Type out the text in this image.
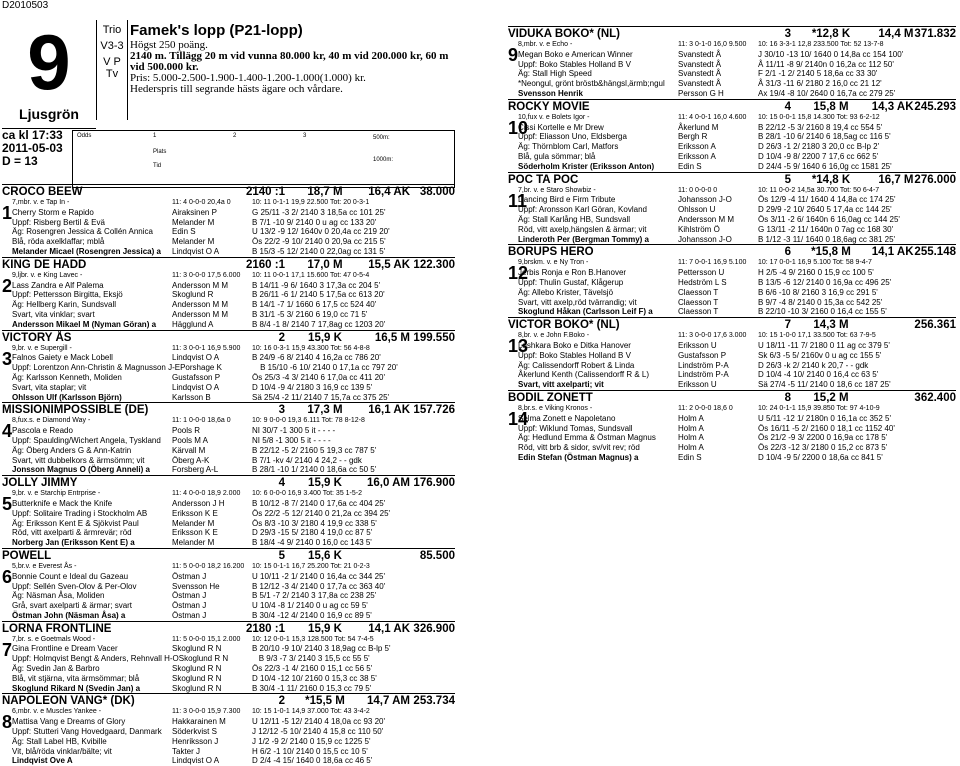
D2010503
9
Ljusgrön
Trio
V3-3
V P Tv
Famek's lopp (P21-lopp)
Högst 250 poäng.
2140 m. Tillägg 20 m vid vunna 80.000 kr, 40 m vid 200.000 kr, 60 m vid 500.000 kr.
Pris: 5.000-2.500-1.900-1.400-1.200-1.000(1.000) kr.
Hederspris till segrande hästs ägare och vårdare.
ca kl 17:33
2011-05-03
D = 13
Odds	1	2	3
Plats
Tid
500m:
1000m:
CROCO BEEW	2140 :1	18,7 M	16,4 AK 38.000
1
7,mbr. v. e Tap In -	11: 4 0-0-0 20,4a 0	10: 11 0-1-1 19,9 22.500 Tot: 20 0-3-1
Cherry Storm e Rapido	Airaksinen P	G 25/11 -3 2/ 2140 3 18,5a cc 101 25'
Uppf: Risberg Bertil & Evä	Melander M	B 7/1 -10 9/ 2140 0 u ag cc 133 20'
Äg: Rosengren Jessica & Collén Annica	Edin S	U 13/2 -9 12/ 1640v 0 20,4a cc 219 20'
Blå, röda axelklaffar; mblå	Melander M	Ös 22/2 -9 10/ 2140 0 20,9a cc 215 5'
Melander Micael (Rosengren Jessica) a	Lindqvist O A	B 15/3 -5 12/ 2140 0 22,0ag cc 131 5'
KING DE HADD	2160 :1	17,0 M	15,5 AK 122.300
2
9,ljbr. v. e King Lavec -	11: 3 0-0-0 17,5 6.000	10: 11 0-0-1 17,1 15.600 Tot: 47 0-5-4
Lass Zandra e Alf Palema	Andersson M M	B 14/11 -9 6/ 1640 3 17,3a cc 204 5'
Uppf: Pettersson Birgitta, Eksjö	Skoglund R	B 26/11 -6 1/ 2140 5 17,5a cc 613 20'
Äg: Hellberg Karin, Sundsvall	Andersson M M	B 14/1 -7 1/ 1660 6 17,5 cc 524 40'
Svart, vita vinklar; svart	Andersson M M	B 31/1 -5 3/ 2160 6 19,0 cc 71 5'
Andersson Mikael M (Nyman Göran) a	Hägglund A	B 8/4 -1 8/ 2140 7 17,8ag cc 1203 20'
VICTORY ÅS	2	15,9 K	16,5 M 199.550
3
9,br. v. e Supergill -	11: 3 0-0-1 16,9 5.900	10: 16 0-3-1 15,9 43.300 Tot: 56 4-8-8
Falnos Gaiety e Mack Lobell	Lindqvist O A	B 24/9 -6 8/ 2140 4 16,2a cc 786 20'
Uppf: Lorentzon Ann-Christin & Magnusson J-E Porshage K	B 15/10 -6 10/ 2140 0 17,1a cc 797 20'
Äg: Karlsson Kenneth, Moliden	Gustafsson P	Ös 25/3 -4 3/ 2140 6 17,0a cc 411 20'
Svart, vita staplar; vit	Lindqvist O A	D 10/4 -9 4/ 2180 3 16,9 cc 139 5'
Ohlsson Ulf (Karlsson Björn)	Karlsson B	Sä 25/4 -2 11/ 2140 7 15,7a cc 375 25'
MISSIONIMPOSSIBLE (DE)	3	17,3 M	16,1 AK 157.726
4
8,fux.s. e Diamond Way -	11: 1 0-0-0 18,6a 0	10: 9 0-0-0 19,3 6.111 Tot: 78 8-12-8
Pascola e Reado	Pools R	NI 30/7 -1 300 5 it - - - -
Uppf: Spaulding/Wichert Angela, Tyskland	Pools M A	NI 5/8 -1 300 5 it - - - -
Äg: Öberg Anders G & Ann-Katrin	Kärvall M	B 22/12 -5 2/ 2160 5 19,3 cc 787 5'
Svart, vitt dubbelkors & ärmsömm; vit	Öberg A-K	B 7/1 -kv 4/ 2140 4 24,2 - - gdk
Jonsson Magnus O (Öberg Anneli) a	Forsberg A-L	B 28/1 -10 1/ 2140 0 18,6a cc 50 5'
JOLLY JIMMY	4	15,9 K	16,0 AM 176.900
5
9,br. v. e Starchip Entrprise -	11: 4 0-0-0 18,9 2.000	10: 6 0-0-0 16,9 3.400 Tot: 35 1-5-2
Butterknife e Mack the Knife	Andersson J H	B 10/12 -8 7/ 2140 0 17,6a cc 404 25'
Uppf: Solitaire Trading i Stockholm AB	Eriksson K E	Ös 22/2 -5 12/ 2140 0 21,2a cc 394 25'
Äg: Eriksson Kent E & Sjökvist Paul	Melander M	Ös 8/3 -10 3/ 2180 4 19,9 cc 338 5'
Röd, vitt axelparti & ärmrevär; röd	Eriksson K E	D 29/3 -15 5/ 2180 4 19,0 cc 87 5'
Norberg Jan (Eriksson Kent E) a	Melander M	B 18/4 -4 9/ 2140 0 16,0 cc 143 5'
POWELL	5	15,6 K	85.500
6
5,br.v. e Everest Ås -	11: 5 0-0-0 18,2 16.200	10: 15 0-1-1 16,7 25.200 Tot: 21 0-2-3
Bonnie Count e Ideal du Gazeau	Östman J	U 10/11 -2 1/ 2140 0 16,4a cc 344 25'
Uppf: Sellén Sven-Olov & Per-Olov	Svensson He	B 12/12 -3 4/ 2140 0 17,7a cc 363 40'
Äg: Näsman Åsa, Moliden	Östman J	B 5/1 -7 2/ 2140 3 17,8a cc 238 25'
Grå, svart axelparti & ärmar; svart	Östman J	U 10/4 -8 1/ 2140 0 u ag cc 59 5'
Östman John (Näsman Åsa) a	Östman J	B 30/4 -12 4/ 2140 0 16,9 cc 89 5'
LORNA FRONTLINE	2180 :1	15,9 K	14,1 AK 326.900
7
7,br. s. e Goetmals Wood -	11: 5 0-0-0 15,1 2.000	10: 12 0-0-1 15,3 128.500 Tot: 54 7-4-5
Gina Frontline e Dream Vacer	Skoglund R N	B 20/10 -9 10/ 2140 3 18,9ag cc B-lp 5'
Uppf: Holmqvist Bengt & Anders, Rehnvall H-O Skoglund R N	B 9/3 -7 3/ 2140 3 15,5 cc 55 5'
Äg: Svedin Jan & Barbro	Skoglund R N	Ös 22/3 -1 4/ 2160 0 15,1 cc 56 5'
Blå, vit stjärna, vita ärmsömmar; blå	Skoglund R N	D 10/4 -12 10/ 2160 0 15,3 cc 38 5'
Skoglund Rikard N (Svedin Jan) a	Skoglund R N	B 30/4 -1 11/ 2160 0 15,3 cc 79 5'
NAPOLEON VANG* (DK)	2	*15,5 M	14,7 AM 253.734
8
6,mbr. v. e Muscles Yankee -	11: 3 0-0-0 15,9 7.300	10: 15 1-0-1 14,9 37.000 Tot: 43 3-4-2
Mattisa Vang e Dreams of Glory	Hakkarainen M	U 12/11 -5 12/ 2140 4 18,0a cc 93 20'
Uppf: Stutteri Vang Hovedgaard, Danmark	Söderkvist S	J 12/12 -5 10/ 2140 4 15,8 cc 110 50'
Äg: Stall Label HB, Kvibille	Henriksson J	J 1/2 -9 2/ 2140 0 15,9 cc 1225 5'
Vit, blå/röda vinklar/bälte; vit	Takter J	H 6/2 -1 10/ 2140 0 15,5 cc 10 5'
Lindqvist Ove A	Lindqvist O A	D 2/4 -4 15/ 1640 0 18,6a cc 46 5'
VIDUKA BOKO* (NL)	3	*12,8 K	14,4 M 371.832
9
8,mbr. v. e Echo -	11: 3 0-1-0 16,0 9.500	10: 16 3-3-1 12,8 233.500 Tot: 52 13-7-8
Megan Boko e American Winner	Svanstedt Å	J 30/10 -13 10/ 1640 0 14,8a cc 154 100'
Uppf: Boko Stables Holland B V	Svanstedt Å	Å 11/11 -8 9/ 2140n 0 16,2a cc 112 50'
Äg: Stall High Speed	Svanstedt Å	F 2/1 -1 2/ 2140 5 18,6a cc 33 30'
*Neongul, grönt bröstb&hängsl,ärmb;ngul	Svanstedt Å	Å 31/3 -11 6/ 2180 2 16,0 cc 21 12'
Svensson Henrik	Persson G H	Ax 19/4 -8 10/ 2640 0 16,7a cc 279 25'
ROCKY MOVIE	4	15,8 M	14,3 AK 245.293
10
10,fux v. e Bolets Igor -	11: 4 0-0-1 16,0 4.600	10: 15 0-0-1 15,8 14.300 Tot: 93 6-2-12
Cissi Kortelle e Mr Drew	Åkerlund M	B 22/12 -5 3/ 2160 8 19,4 cc 554 5'
Uppf: Eliasson Uno, Eldsberga	Bergh R	B 28/1 -10 6/ 2140 6 18,5ag cc 116 5'
Äg: Thörnblom Carl, Matfors	Eriksson A	D 26/3 -1 2/ 2180 3 20,0 cc B-lp 2'
Blå, gula sömmar; blå	Eriksson A	D 10/4 -9 8/ 2200 7 17,6 cc 662 5'
Söderholm Krister (Eriksson Anton)	Edin S	D 24/4 -5 9/ 1640 6 16,0g cc 1581 25'
POC TA POC	5	*14,8 K	16,7 M 276.000
11
7,br. v. e Staro Showbiz -	11: 0 0-0-0 0	10: 11 0-0-2 14,5a 30.700 Tot: 50 6-4-7
Dancing Bird e Firm Tribute	Johansson J-O	Ös 12/9 -4 11/ 1640 4 14,8a cc 174 25'
Uppf: Aronsson Karl Göran, Kovland	Ohlsson U	D 29/9 -2 10/ 2640 5 17,4a cc 144 25'
Äg: Stall Karlång HB, Sundsvall	Andersson M M	Ös 3/11 -2 6/ 1640n 6 16,0ag cc 144 25'
Röd, vitt axelp,hängslen & ärmar; vit	Kihlström Ö	G 13/11 -2 11/ 1640n 0 7ag cc 168 30'
Linderoth Per (Bergman Tommy) a	Johansson J-O	B 1/12 -3 11/ 1640 0 18,6ag cc 381 25'
BORUPS HERO	6	*15,8 M	14,1 AK 255.148
12
9,brskm. v. e Ny Tron -	11: 7 0-0-1 16,9 5.100	10: 17 0-0-1 16,9 5.100 Tot: 58 9-4-7
Jerbis Ronja e Ron B.Hanover	Pettersson U	H 2/5 -4 9/ 2160 0 15,9 cc 100 5'
Uppf: Thulin Gustaf, Klågerup	Hedström L S	B 13/5 -6 12/ 2140 0 16,9a cc 496 25'
Äg: Allebo Krister, Tävelsjö	Claesson T	B 6/6 -10 8/ 2160 3 16,9 cc 291 5'
Svart, vitt axelp,röd tvärrandig; vit	Claesson T	B 9/7 -4 8/ 2140 0 15,3a cc 542 25'
Skoglund Håkan (Carlsson Leif F) a	Claesson T	B 22/10 -10 3/ 2160 0 16,4 cc 155 5'
VICTOR BOKO* (NL)	7	14,3 M	256.361
13
8,br. v. e John F.Boko -	11: 3 0-0-0 17,6 3.000	10: 15 1-0-0 17,1 33.500 Tot: 63 7-9-5
Lushkara Boko e Ditka Hanover	Eriksson U	U 18/11 -11 7/ 2180 0 11 ag cc 379 5'
Uppf: Boko Stables Holland B V	Gustafsson P	Sk 6/3 -5 5/ 2160v 0 u ag cc 155 5'
Äg: Calissendorff Robert & Linda	Lindström P-A	D 26/3 -k 2/ 2140 k 20,7 - - gdk
Åkerlund Kenth (Calissendorff R & L)	Lindström P-A	D 10/4 -4 10/ 2140 0 16,4 cc 63 5'
Svart, vitt axelparti; vit	Eriksson U	Sä 27/4 -5 11/ 2140 0 18,6 cc 187 25'
BODIL ZONETT	8	15,2 M	362.400
14
8,br.s. e Viking Kronos -	11: 2 0-0-0 18,6 0	10: 24 0-1-1 15,9 39.850 Tot: 97 4-10-9
Selma Zonett e Napoletano	Holm A	U 5/11 -12 1/ 2180n 0 16,1a cc 352 5'
Uppf: Wiklund Tomas, Sundsvall	Holm A	Ös 16/11 -5 2/ 2160 0 18,1 cc 1152 40'
Äg: Hedlund Emma & Östman Magnus	Holm A	Ös 21/2 -9 3/ 2200 0 16,9a cc 178 5'
Röd, vitt brb & sidor, sv/vit rev; röd	Holm A	Ös 22/3 -12 3/ 2180 0 15,2 cc 873 5'
Edin Stefan (Östman Magnus) a	Edin S	D 10/4 -9 5/ 2200 0 18,6a cc 841 5'
